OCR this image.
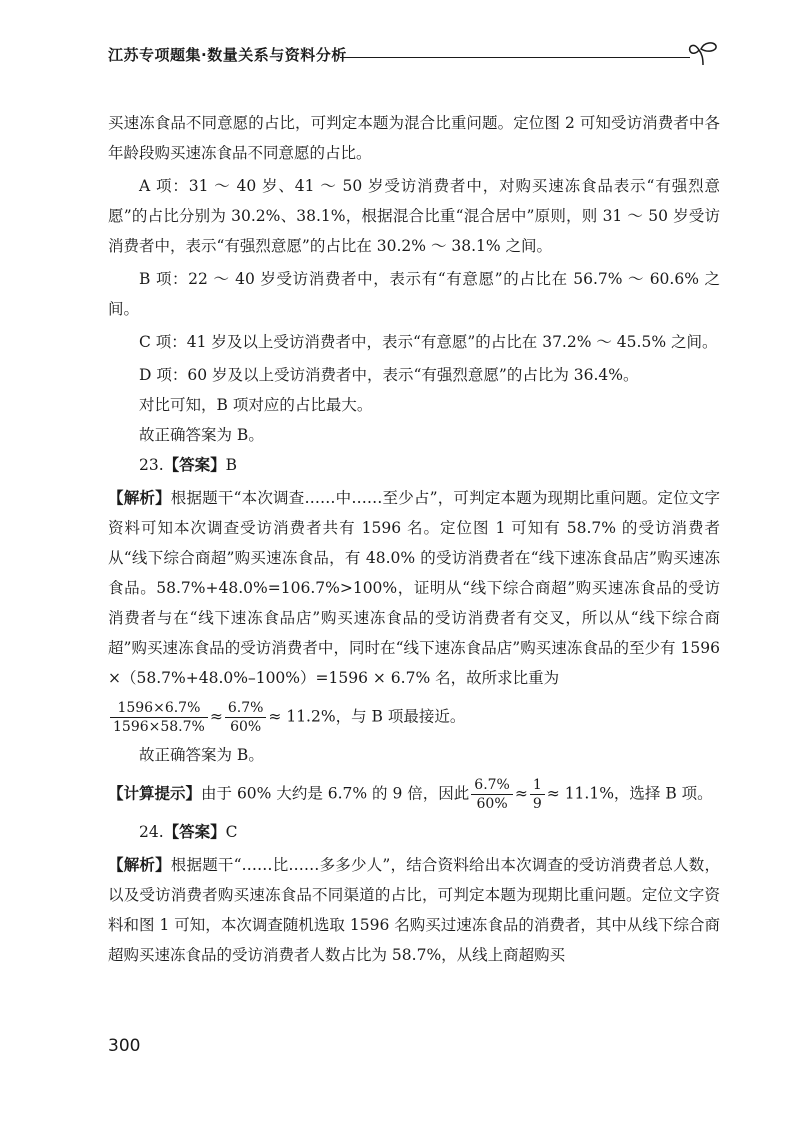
江苏专项题集·数量关系与资料分析

买速冻食品不同意愿的占比，可判定本题为混合比重问题。定位图 2 可知受访消费者中各年龄段购买速冻食品不同意愿的占比。

A 项：31 ～ 40 岁、41 ～ 50 岁受访消费者中，对购买速冻食品表示“有强烈意愿”的占比分别为 30.2%、38.1%，根据混合比重“混合居中”原则，则 31 ～ 50 岁受访消费者中，表示“有强烈意愿”的占比在 30.2% ～ 38.1% 之间。

B 项：22 ～ 40 岁受访消费者中，表示有“有意愿”的占比在 56.7% ～ 60.6% 之间。

C 项：41 岁及以上受访消费者中，表示“有意愿”的占比在 37.2% ～ 45.5% 之间。

D 项：60 岁及以上受访消费者中，表示“有强烈意愿”的占比为 36.4%。

对比可知，B 项对应的占比最大。

故正确答案为 B。

23.【答案】B

【解析】根据题干“本次调查……中……至少占”，可判定本题为现期比重问题。定位文字资料可知本次调查受访消费者共有 1596 名。定位图 1 可知有 58.7% 的受访消费者从“线下综合商超”购买速冻食品，有 48.0% 的受访消费者在“线下速冻食品店”购买速冻食品。58.7%+48.0%=106.7%>100%，证明从“线下综合商超”购买速冻食品的受访消费者与在“线下速冻食品店”购买速冻食品的受访消费者有交叉，所以从“线下综合商超”购买速冻食品的受访消费者中，同时在“线下速冻食品店”购买速冻食品的至少有 1596 ×（58.7%+48.0%–100%）=1596 × 6.7% 名，故所求比重为

$\frac{1596\times 6.7\%}{1596\times 58.7\%} \approx \frac{6.7\%}{60\%} \approx 11.2\%$，与 B 项最接近。

故正确答案为 B。

【计算提示】由于 60% 大约是 6.7% 的 9 倍，因此 $\frac{6.7\%}{60\%} \approx \frac{1}{9} \approx 11.1\%$，选择 B 项。

24.【答案】C

【解析】根据题干“……比……多多少人”，结合资料给出本次调查的受访消费者总人数，以及受访消费者购买速冻食品不同渠道的占比，可判定本题为现期比重问题。定位文字资料和图 1 可知，本次调查随机选取 1596 名购买过速冻食品的消费者，其中从线下综合商超购买速冻食品的受访消费者人数占比为 58.7%，从线上商超购买

300
